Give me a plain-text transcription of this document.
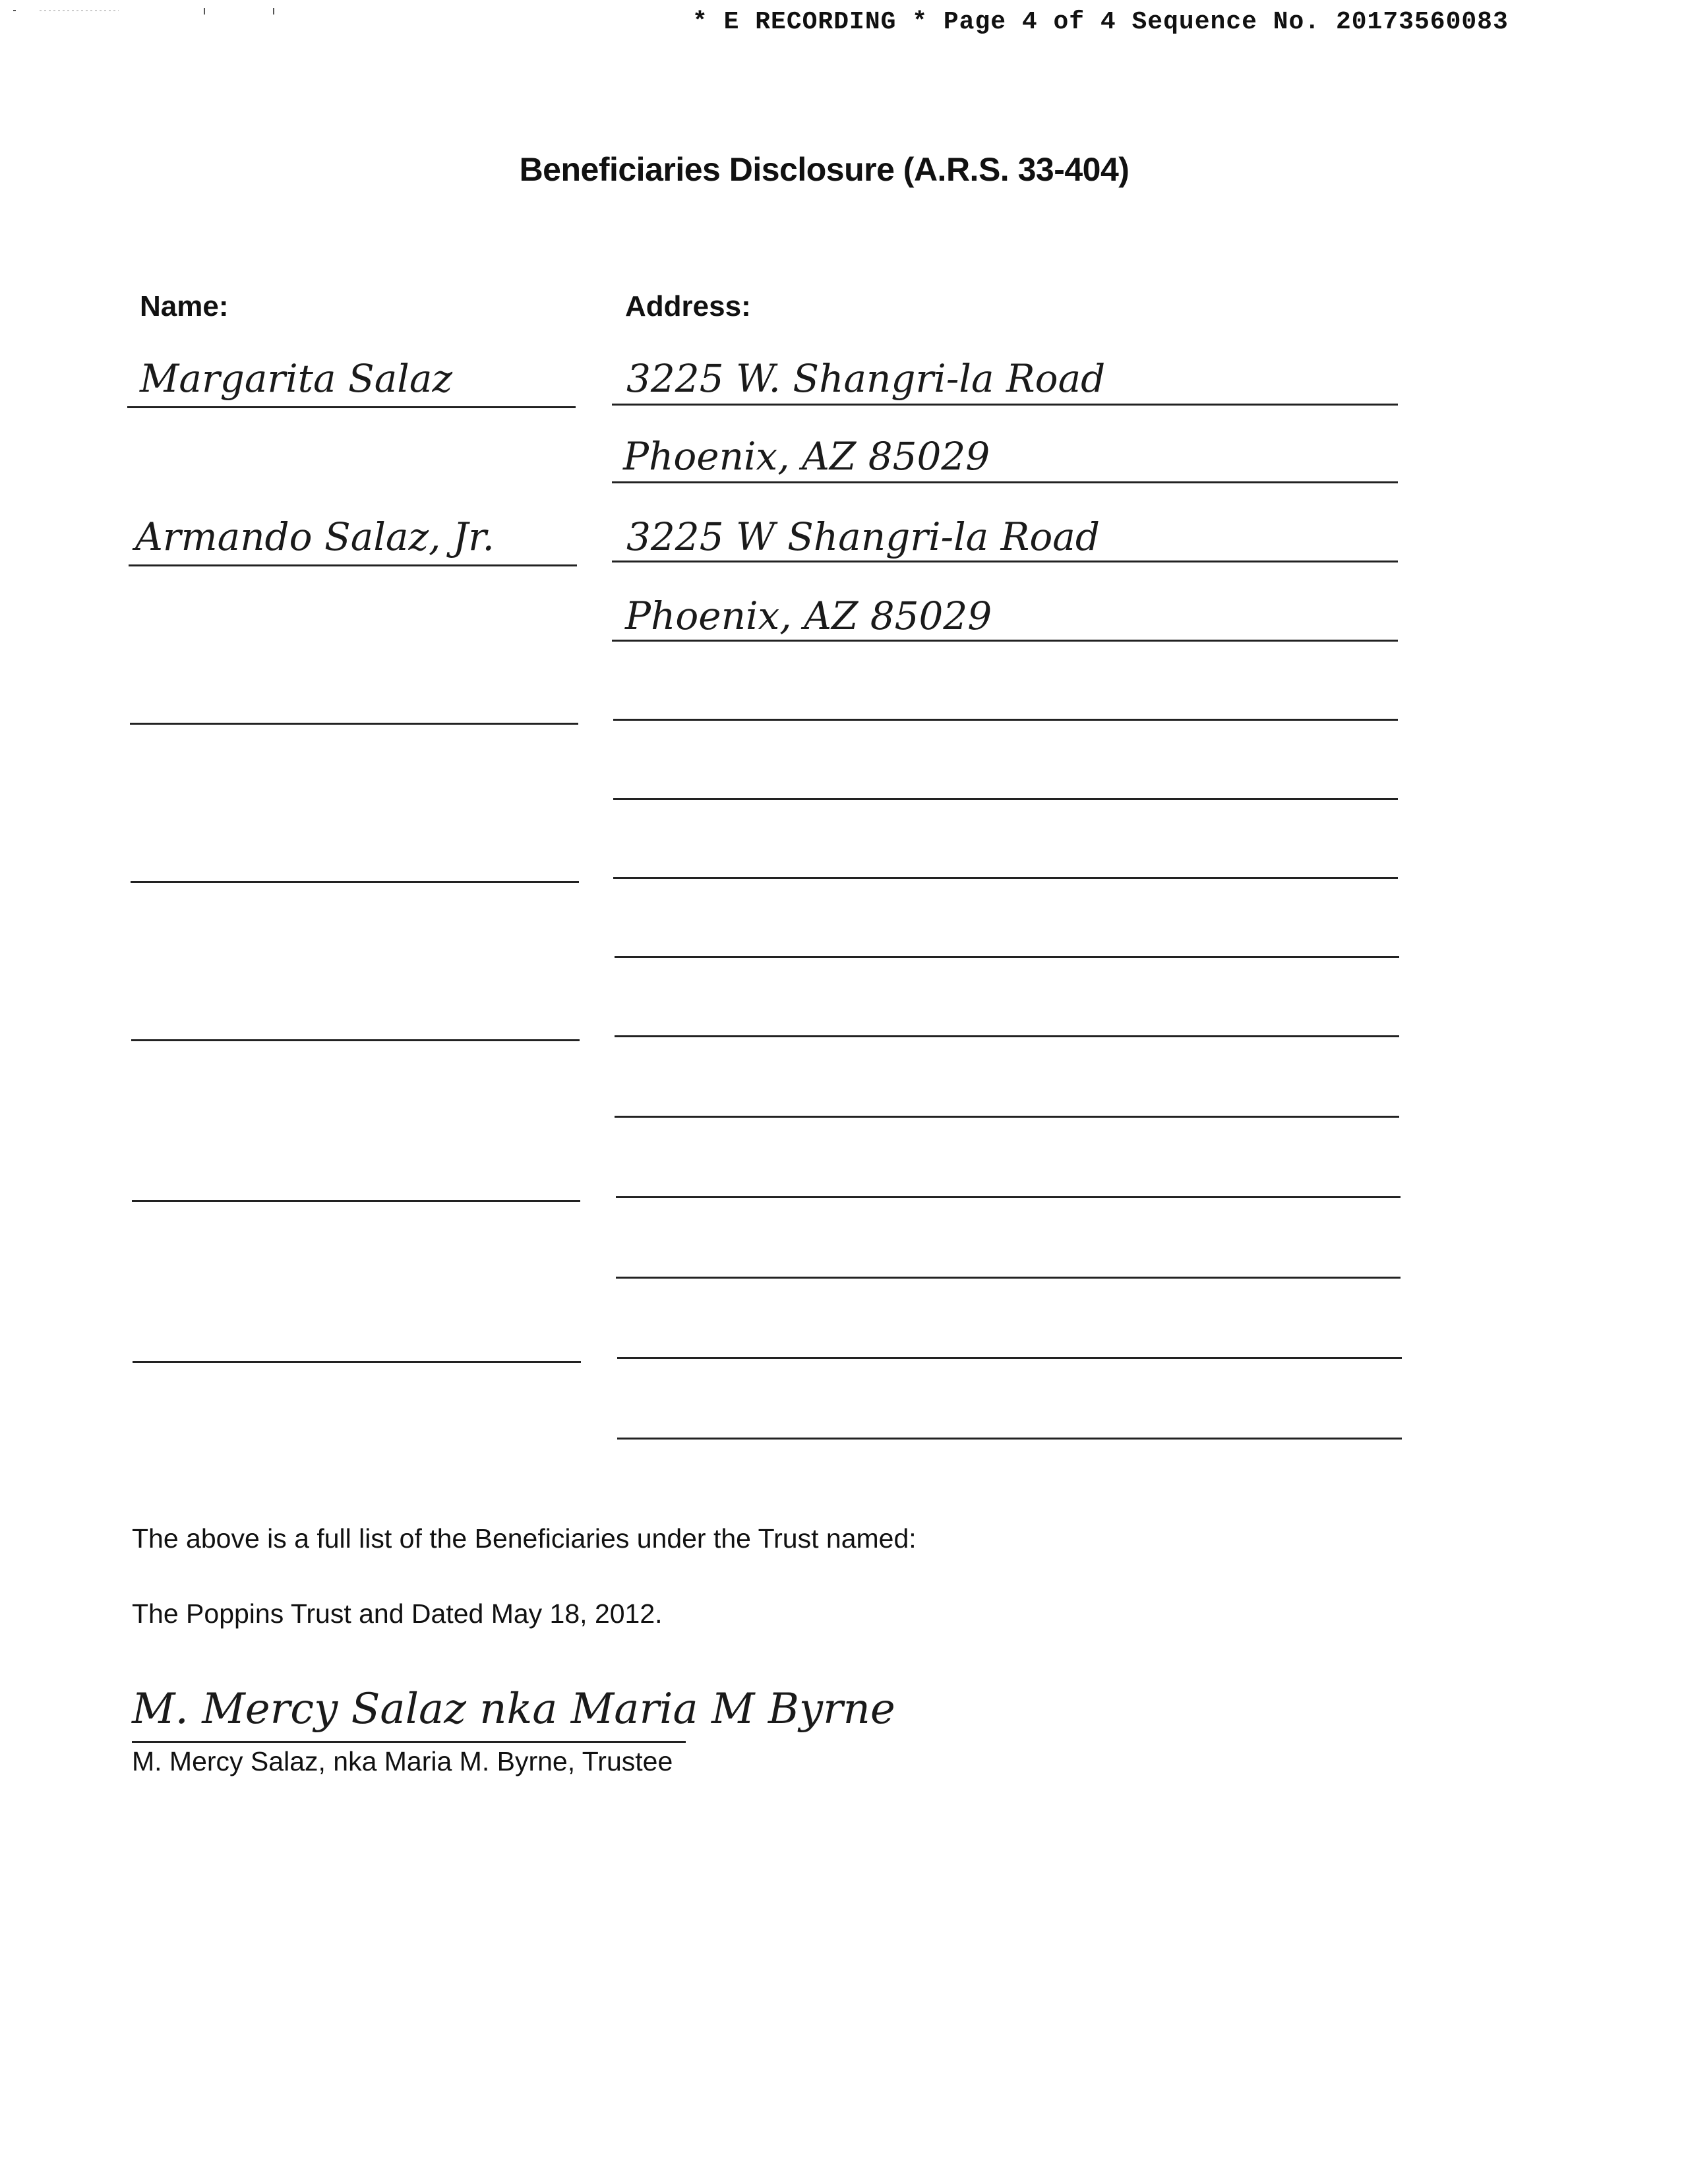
* E RECORDING * Page 4 of 4 Sequence No. 20173560083
Beneficiaries Disclosure (A.R.S. 33-404)
Name:	Address:
Margarita Salaz	3225 W. Shangri-la Road
Phoenix, AZ 85029
Armando Salaz, Jr.	3225 W Shangri-la Road
Phoenix, AZ 85029
The above is a full list of the Beneficiaries under the Trust named:
The Poppins Trust and Dated May 18, 2012.
M. Mercy Salaz nka Maria M Byrne
M. Mercy Salaz, nka Maria M. Byrne, Trustee
